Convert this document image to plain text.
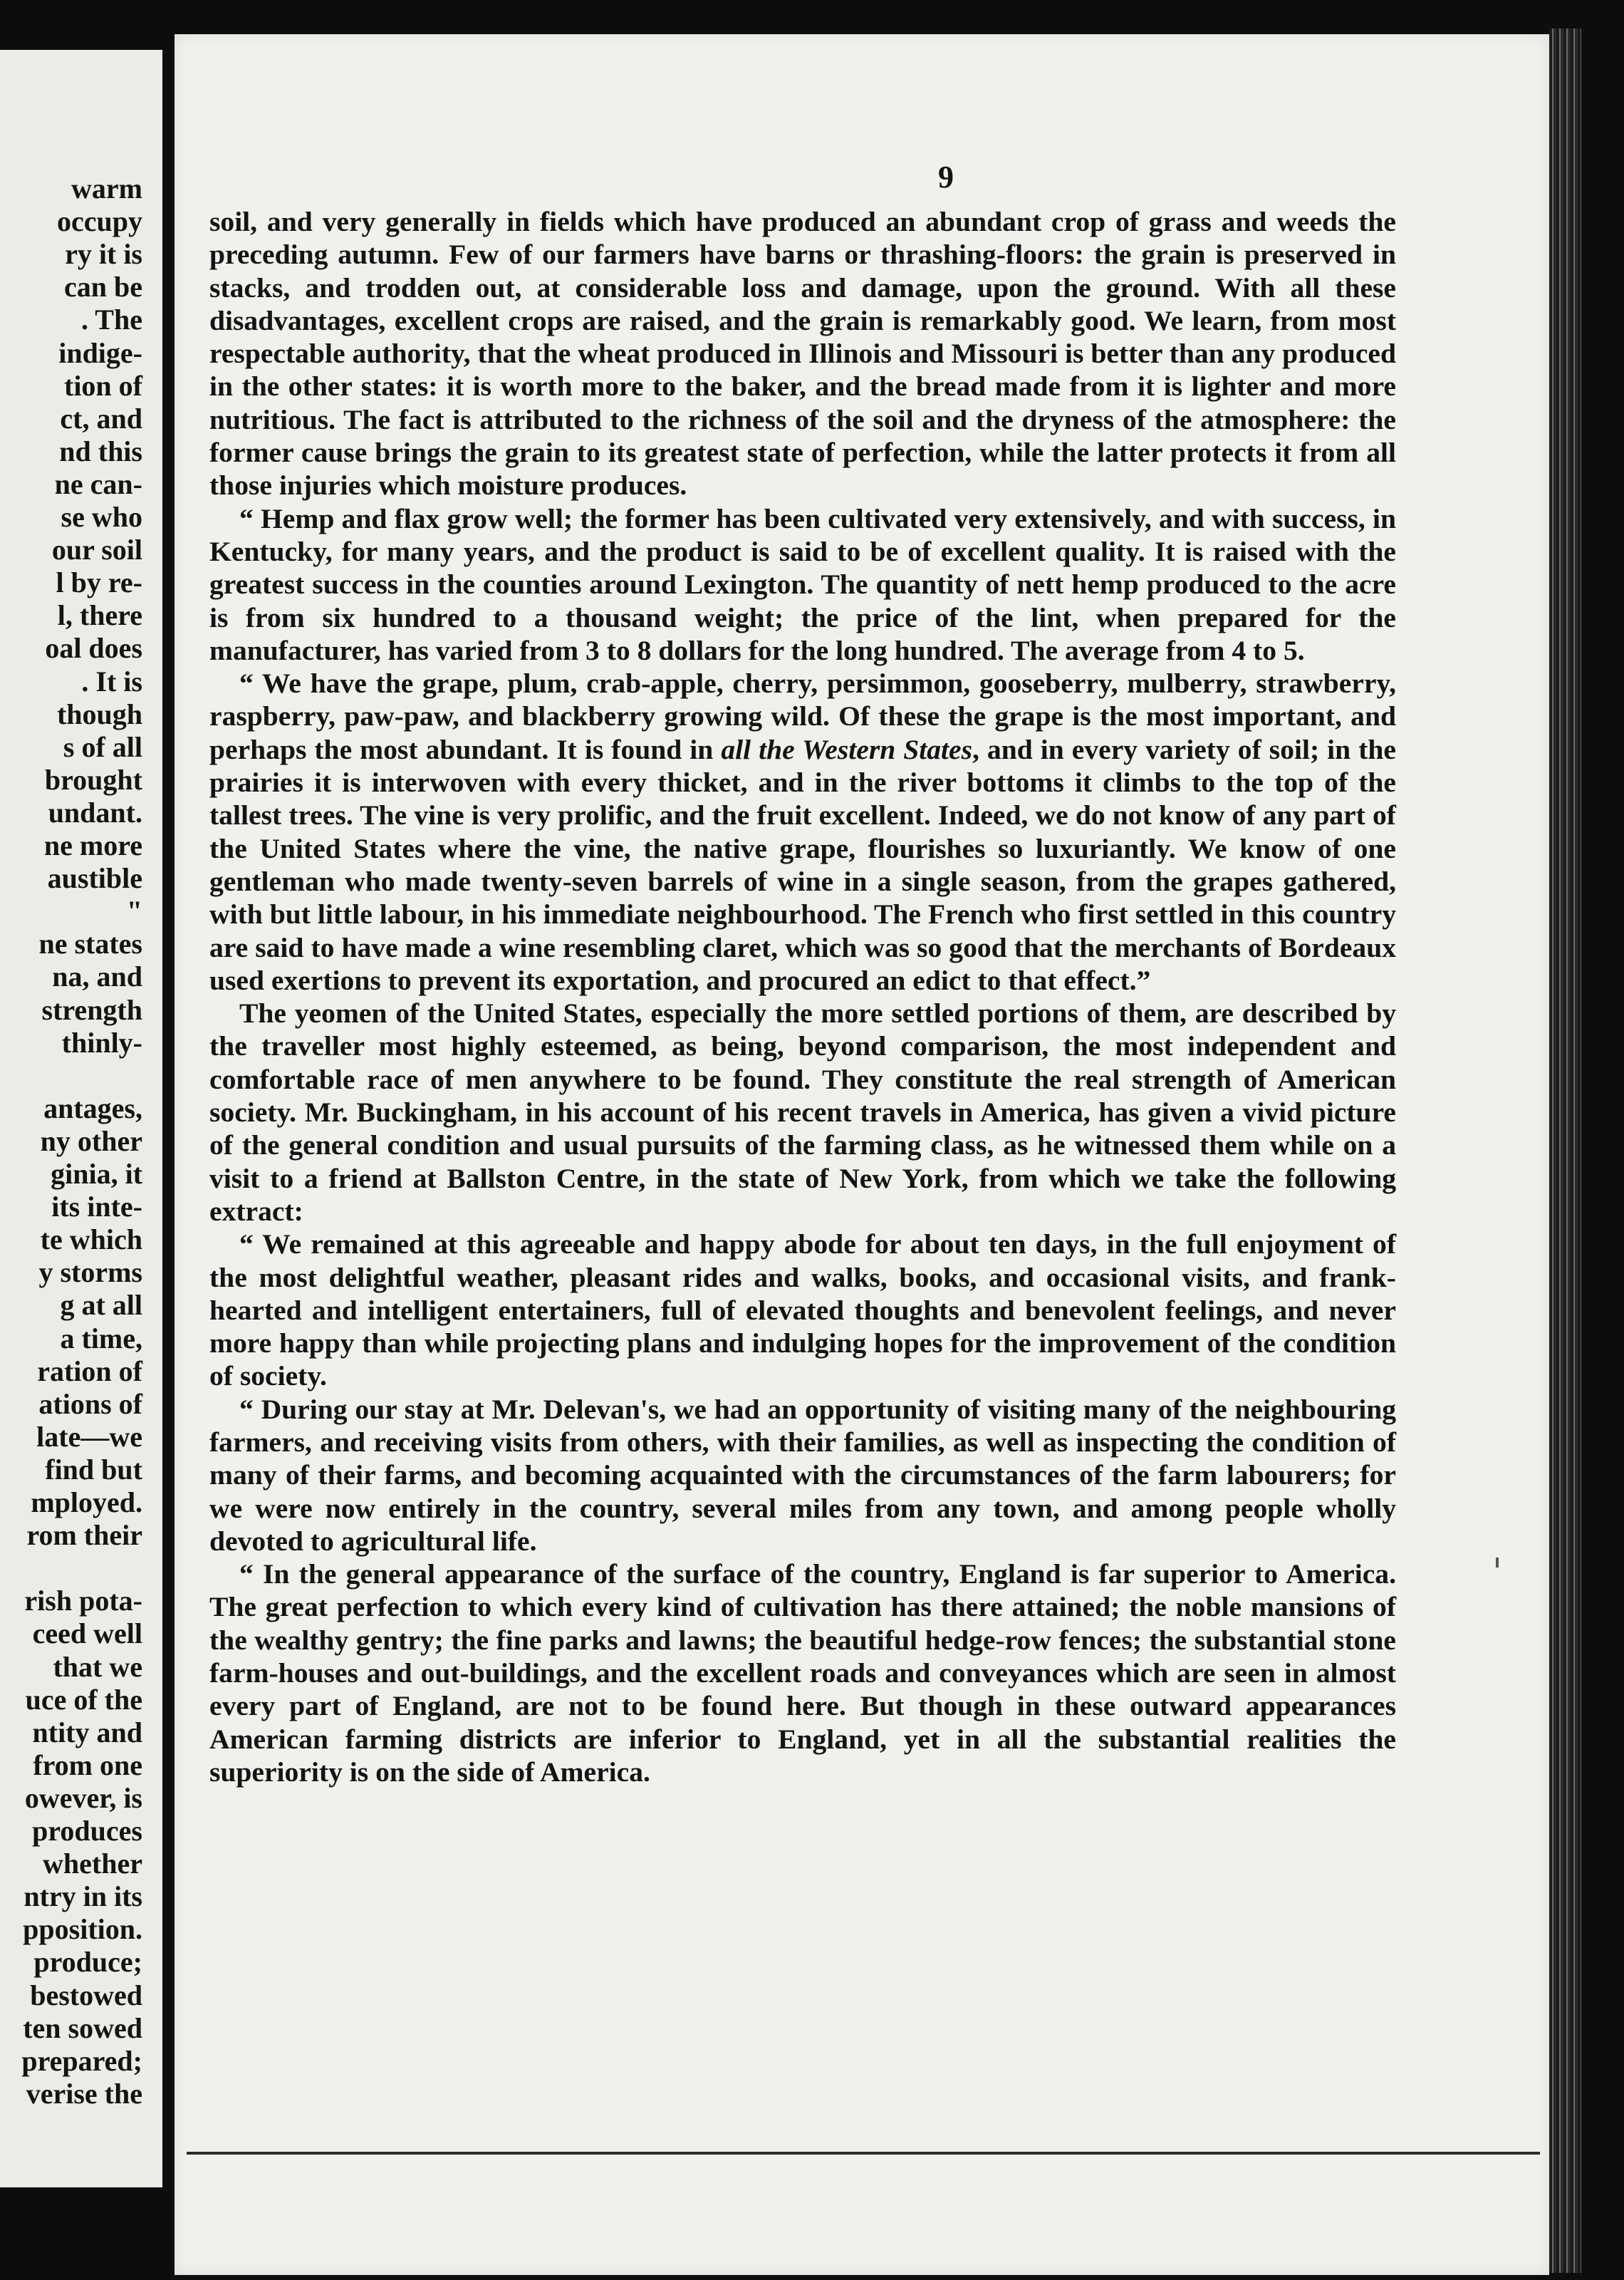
warm
occupy
ry it is
can be
. The
indige-
tion of
ct, and
nd this
ne can-
se who
our soil
l by re-
l, there
oal does
. It is
though
s of all
brought
undant.
ne more
austible
"
ne states
na, and
strength
thinly-
antages,
ny other
ginia, it
its inte-
te which
y storms
g at all
a time,
ration of
ations of
late—we
find but
mployed.
rom their
rish pota-
ceed well
that we
uce of the
ntity and
from one
owever, is
produces
whether
ntry in its
pposition.
produce;
bestowed
ten sowed
prepared;
verise the
9

soil, and very generally in fields which have produced an abundant crop of grass and weeds the preceding autumn. Few of our farmers have barns or thrashing-floors: the grain is preserved in stacks, and trodden out, at considerable loss and damage, upon the ground. With all these disadvantages, excellent crops are raised, and the grain is remarkably good. We learn, from most respectable authority, that the wheat produced in Illinois and Missouri is better than any produced in the other states: it is worth more to the baker, and the bread made from it is lighter and more nutritious. The fact is attributed to the richness of the soil and the dryness of the atmosphere: the former cause brings the grain to its greatest state of perfection, while the latter protects it from all those injuries which moisture produces.

“ Hemp and flax grow well; the former has been cultivated very extensively, and with success, in Kentucky, for many years, and the product is said to be of excellent quality. It is raised with the greatest success in the counties around Lexington. The quantity of nett hemp produced to the acre is from six hundred to a thousand weight; the price of the lint, when prepared for the manufacturer, has varied from 3 to 8 dollars for the long hundred. The average from 4 to 5.

“ We have the grape, plum, crab-apple, cherry, persimmon, gooseberry, mulberry, strawberry, raspberry, paw-paw, and blackberry growing wild. Of these the grape is the most important, and perhaps the most abundant. It is found in all the Western States, and in every variety of soil; in the prairies it is interwoven with every thicket, and in the river bottoms it climbs to the top of the tallest trees. The vine is very prolific, and the fruit excellent. Indeed, we do not know of any part of the United States where the vine, the native grape, flourishes so luxuriantly. We know of one gentleman who made twenty-seven barrels of wine in a single season, from the grapes gathered, with but little labour, in his immediate neighbourhood. The French who first settled in this country are said to have made a wine resembling claret, which was so good that the merchants of Bordeaux used exertions to prevent its exportation, and procured an edict to that effect.”

The yeomen of the United States, especially the more settled portions of them, are described by the traveller most highly esteemed, as being, beyond comparison, the most independent and comfortable race of men anywhere to be found. They constitute the real strength of American society. Mr. Buckingham, in his account of his recent travels in America, has given a vivid picture of the general condition and usual pursuits of the farming class, as he witnessed them while on a visit to a friend at Ballston Centre, in the state of New York, from which we take the following extract:

“ We remained at this agreeable and happy abode for about ten days, in the full enjoyment of the most delightful weather, pleasant rides and walks, books, and occasional visits, and frank-hearted and intelligent entertainers, full of elevated thoughts and benevolent feelings, and never more happy than while projecting plans and indulging hopes for the improvement of the condition of society.

“ During our stay at Mr. Delevan's, we had an opportunity of visiting many of the neighbouring farmers, and receiving visits from others, with their families, as well as inspecting the condition of many of their farms, and becoming acquainted with the circumstances of the farm labourers; for we were now entirely in the country, several miles from any town, and among people wholly devoted to agricultural life.

“ In the general appearance of the surface of the country, England is far superior to America. The great perfection to which every kind of cultivation has there attained; the noble mansions of the wealthy gentry; the fine parks and lawns; the beautiful hedge-row fences; the substantial stone farm-houses and out-buildings, and the excellent roads and conveyances which are seen in almost every part of England, are not to be found here. But though in these outward appearances American farming districts are inferior to England, yet in all the substantial realities the superiority is on the side of America.
